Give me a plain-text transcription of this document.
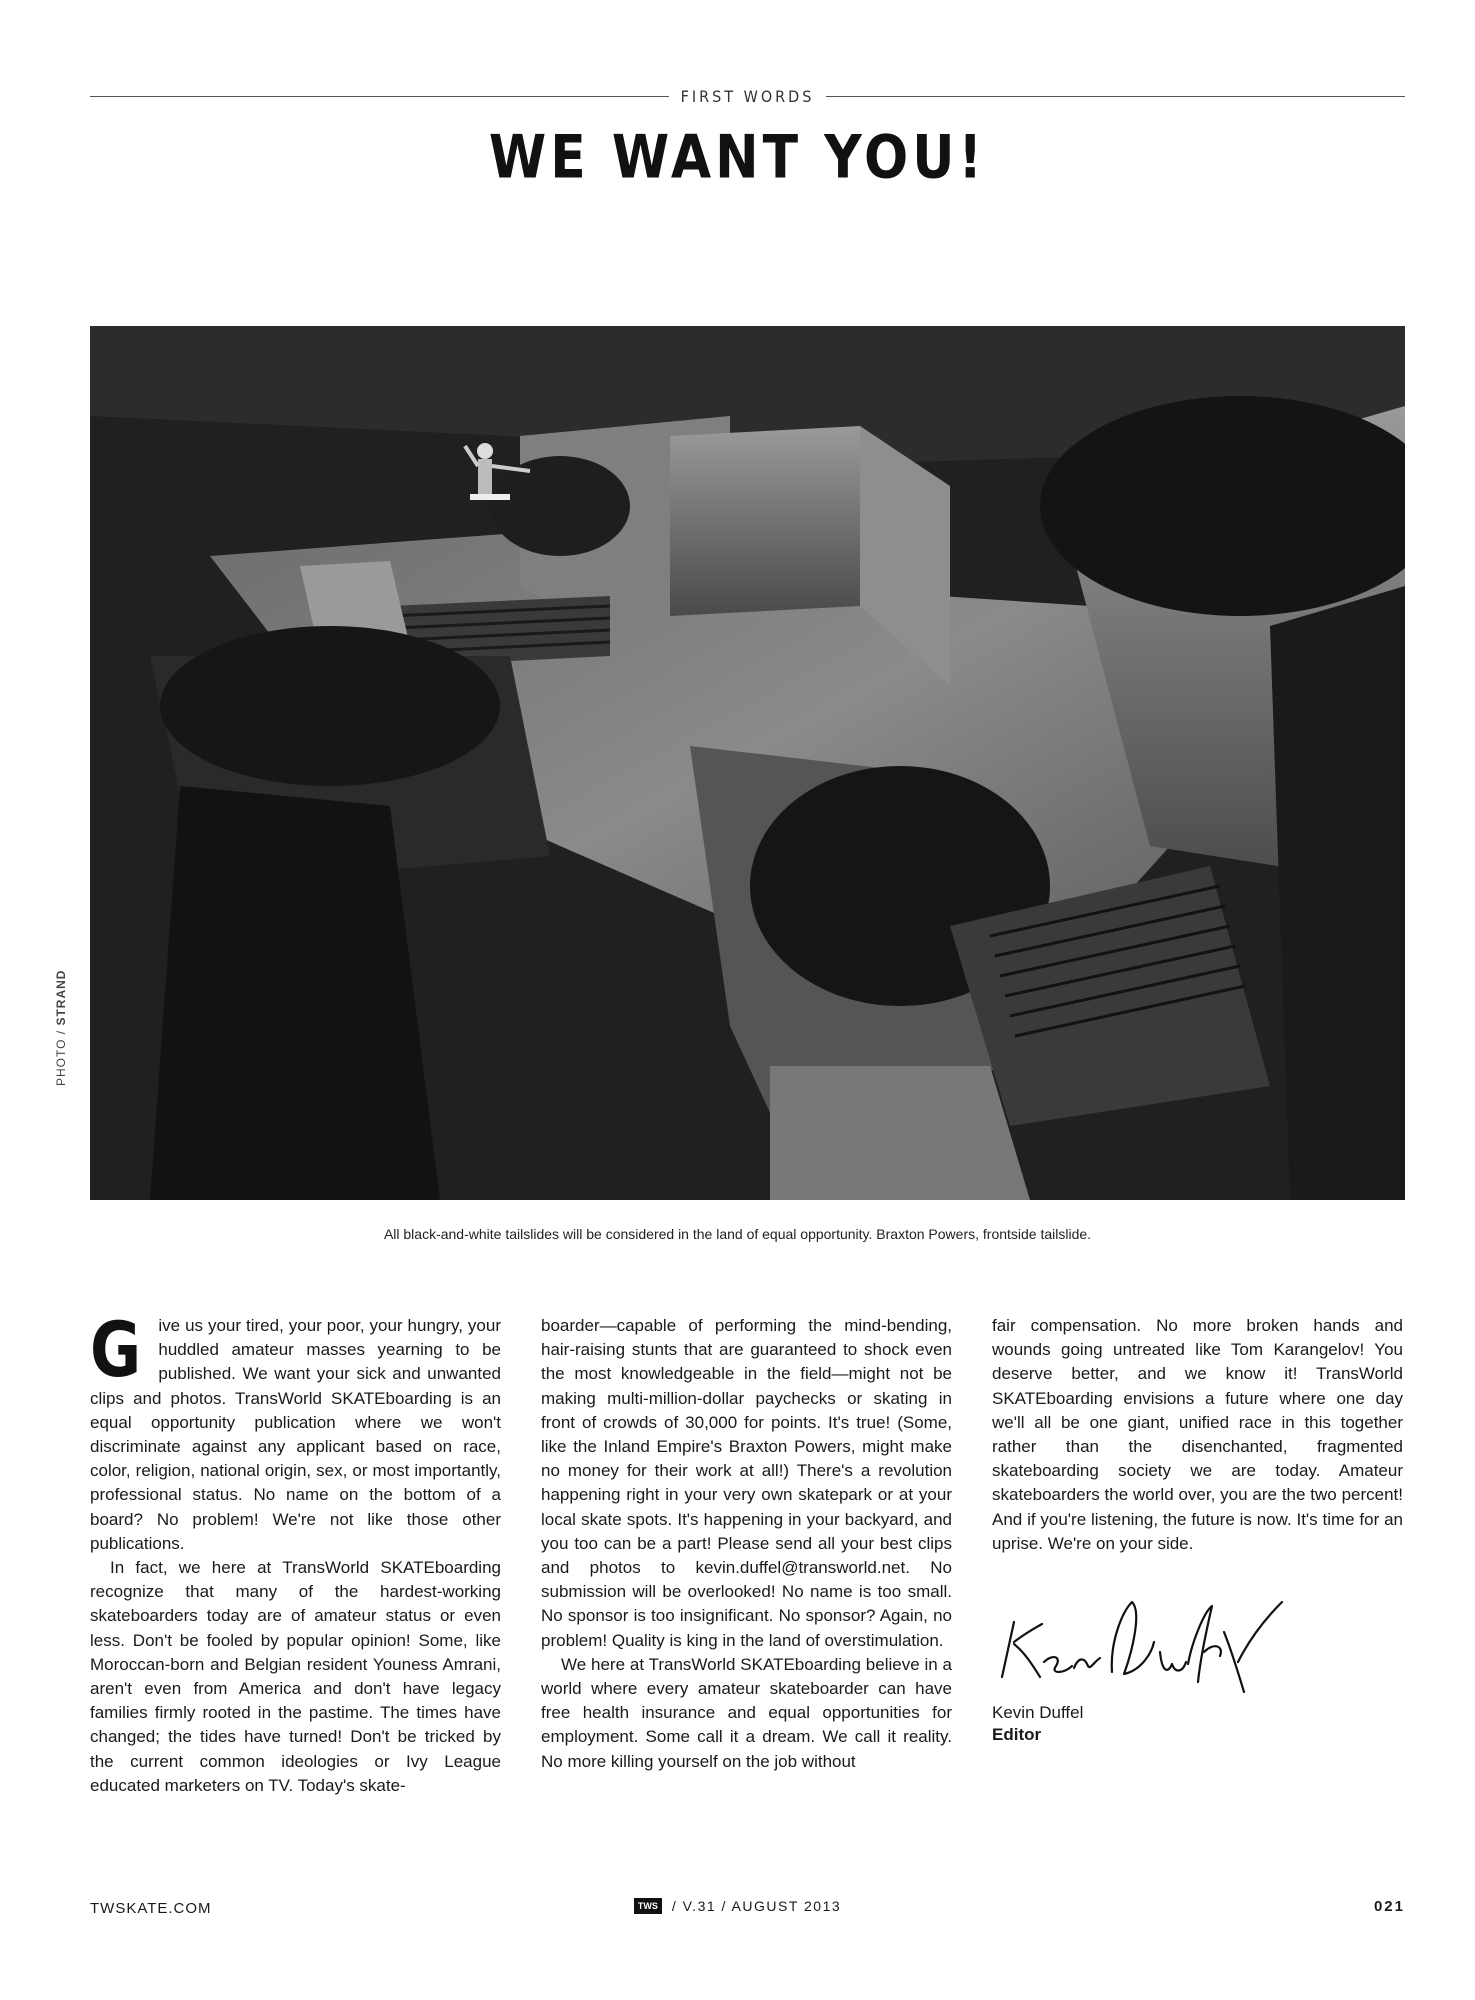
FIRST WORDS
WE WANT YOU!
PHOTO / STRAND
All black-and-white tailslides will be considered in the land of equal opportunity. Braxton Powers, frontside tailslide.

G ive us your tired, your poor, your hungry, your huddled amateur masses yearning to be published. We want your sick and unwanted clips and photos. TransWorld SKATEboarding is an equal opportunity publication where we won't discriminate against any applicant based on race, color, religion, national origin, sex, or most importantly, professional status. No name on the bottom of a board? No problem! We're not like those other publications.

In fact, we here at TransWorld SKATEboarding recognize that many of the hardest-working skateboarders today are of amateur status or even less. Don't be fooled by popular opinion! Some, like Moroccan-born and Belgian resident Youness Amrani, aren't even from America and don't have legacy families firmly rooted in the pastime. The times have changed; the tides have turned! Don't be tricked by the current common ideologies or Ivy League educated marketers on TV. Today's skate-

boarder—capable of performing the mind-bending, hair-raising stunts that are guaranteed to shock even the most knowledgeable in the field—might not be making multi-million-dollar paychecks or skating in front of crowds of 30,000 for points. It's true! (Some, like the Inland Empire's Braxton Powers, might make no money for their work at all!) There's a revolution happening right in your very own skatepark or at your local skate spots. It's happening in your backyard, and you too can be a part! Please send all your best clips and photos to kevin.duffel@transworld.net. No submission will be overlooked! No name is too small. No sponsor is too insignificant. No sponsor? Again, no problem! Quality is king in the land of overstimulation.

We here at TransWorld SKATEboarding believe in a world where every amateur skateboarder can have free health insurance and equal opportunities for employment. Some call it a dream. We call it reality. No more killing yourself on the job without

fair compensation. No more broken hands and wounds going untreated like Tom Karangelov! You deserve better, and we know it! TransWorld SKATEboarding envisions a future where one day we'll all be one giant, unified race in this together rather than the disenchanted, fragmented skateboarding society we are today. Amateur skateboarders the world over, you are the two percent! And if you're listening, the future is now. It's time for an uprise. We're on your side.

Kevin Duffel
Editor
TWSKATE.COM	TWS / V.31 / AUGUST 2013	021
